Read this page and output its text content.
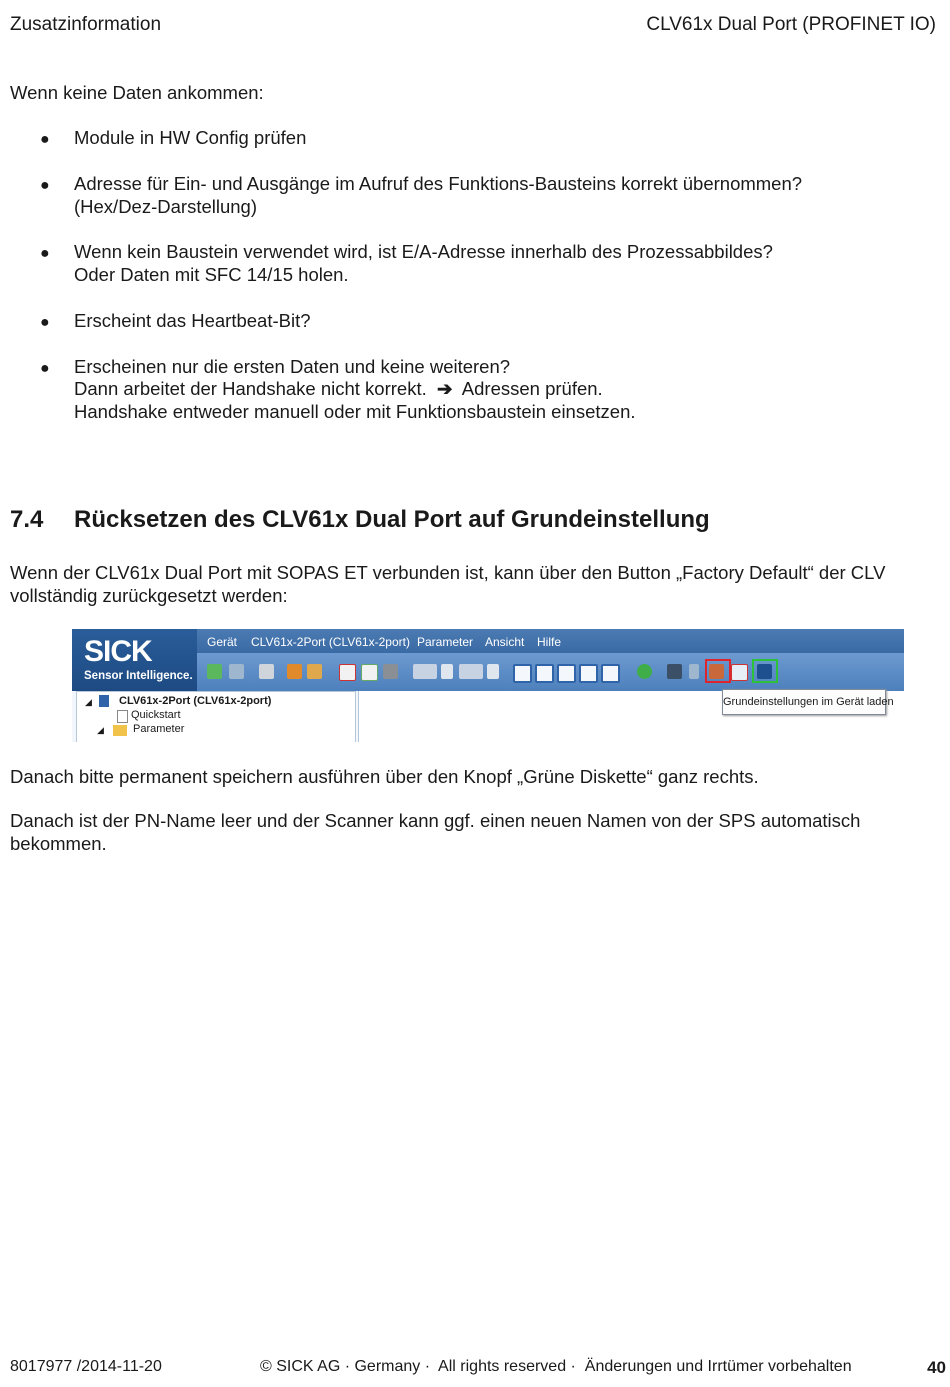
Zusatzinformation	CLV61x Dual Port (PROFINET IO)
Wenn keine Daten ankommen:
● Module in HW Config prüfen
● Adresse für Ein- und Ausgänge im Aufruf des Funktions-Bausteins korrekt übernommen?
(Hex/Dez-Darstellung)
● Wenn kein Baustein verwendet wird, ist E/A-Adresse innerhalb des Prozessabbildes?
Oder Daten mit SFC 14/15 holen.
● Erscheint das Heartbeat-Bit?
● Erscheinen nur die ersten Daten und keine weiteren?
Dann arbeitet der Handshake nicht korrekt.  ➔  Adressen prüfen.
Handshake entweder manuell oder mit Funktionsbaustein einsetzen.
7.4 Rücksetzen des CLV61x Dual Port auf Grundeinstellung
Wenn der CLV61x Dual Port mit SOPAS ET verbunden ist, kann über den Button „Factory Default“ der CLV
vollständig zurückgesetzt werden:
SICK
Sensor Intelligence.
Gerät CLV61x-2Port (CLV61x-2port) Parameter Ansicht Hilfe
◢ CLV61x-2Port (CLV61x-2port)
Quickstart
◢	Parameter
Grundeinstellungen im Gerät laden
Danach bitte permanent speichern ausführen über den Knopf „Grüne Diskette“ ganz rechts.
Danach ist der PN-Name leer und der Scanner kann ggf. einen neuen Namen von der SPS automatisch
bekommen.
8017977 /2014-11-20	© SICK AG · Germany ·  All rights reserved ·  Änderungen und Irrtümer vorbehalten	40
